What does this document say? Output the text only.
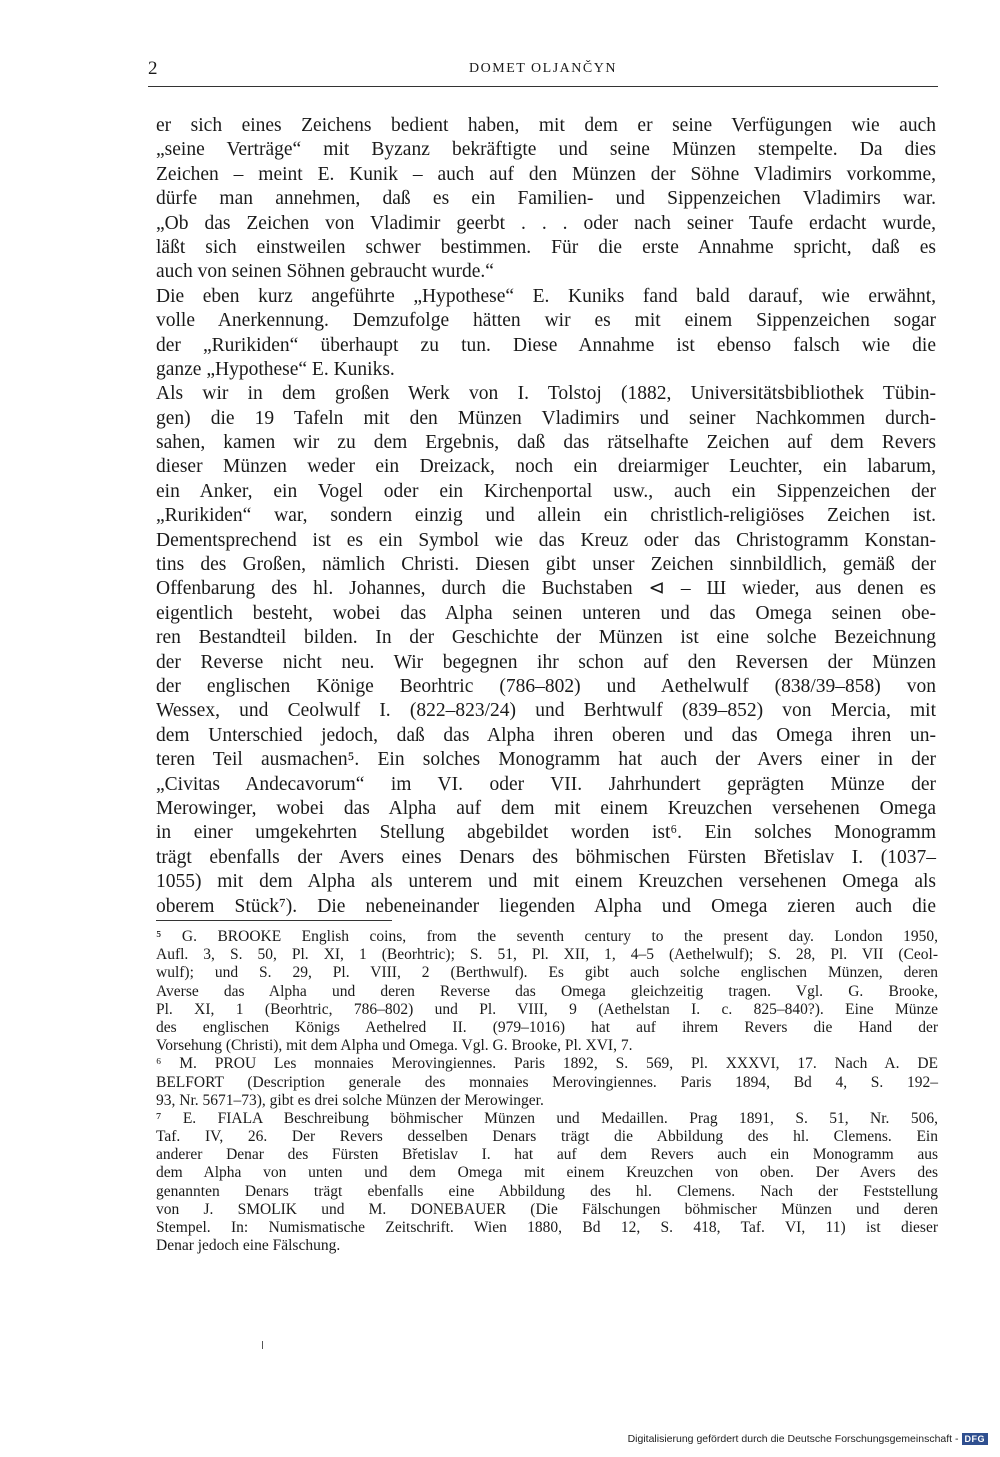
2	DOMET OLJANČYN
er sich eines Zeichens bedient haben, mit dem er seine Verfügungen wie auch
„seine Verträge“ mit Byzanz bekräftigte und seine Münzen stempelte. Da dies
Zeichen – meint E. Kunik – auch auf den Münzen der Söhne Vladimirs vorkomme,
dürfe man annehmen, daß es ein Familien- und Sippenzeichen Vladimirs war.
„Ob das Zeichen von Vladimir geerbt . . . oder nach seiner Taufe erdacht wurde,
läßt sich einstweilen schwer bestimmen. Für die erste Annahme spricht, daß es
auch von seinen Söhnen gebraucht wurde.“
Die eben kurz angeführte „Hypothese“ E. Kuniks fand bald darauf, wie erwähnt,
volle Anerkennung. Demzufolge hätten wir es mit einem Sippenzeichen sogar
der „Rurikiden“ überhaupt zu tun. Diese Annahme ist ebenso falsch wie die
ganze „Hypothese“ E. Kuniks.
Als wir in dem großen Werk von I. Tolstoj (1882, Universitätsbibliothek Tübin-
gen) die 19 Tafeln mit den Münzen Vladimirs und seiner Nachkommen durch-
sahen, kamen wir zu dem Ergebnis, daß das rätselhafte Zeichen auf dem Revers
dieser Münzen weder ein Dreizack, noch ein dreiarmiger Leuchter, ein labarum,
ein Anker, ein Vogel oder ein Kirchenportal usw., auch ein Sippenzeichen der
„Rurikiden“ war, sondern einzig und allein ein christlich-religiöses Zeichen ist.
Dementsprechend ist es ein Symbol wie das Kreuz oder das Christogramm Konstan-
tins des Großen, nämlich Christi. Diesen gibt unser Zeichen sinnbildlich, gemäß der
Offenbarung des hl. Johannes, durch die Buchstaben ⊲ – Ш wieder, aus denen es
eigentlich besteht, wobei das Alpha seinen unteren und das Omega seinen obe-
ren Bestandteil bilden. In der Geschichte der Münzen ist eine solche Bezeichnung
der Reverse nicht neu. Wir begegnen ihr schon auf den Reversen der Münzen
der englischen Könige Beorhtric (786–802) und Aethelwulf (838/39–858) von
Wessex, und Ceolwulf I. (822–823/24) und Berhtwulf (839–852) von Mercia, mit
dem Unterschied jedoch, daß das Alpha ihren oberen und das Omega ihren un-
teren Teil ausmachen⁵. Ein solches Monogramm hat auch der Avers einer in der
„Civitas Andecavorum“ im VI. oder VII. Jahrhundert geprägten Münze der
Merowinger, wobei das Alpha auf dem mit einem Kreuzchen versehenen Omega
in einer umgekehrten Stellung abgebildet worden ist⁶. Ein solches Monogramm
trägt ebenfalls der Avers eines Denars des böhmischen Fürsten Břetislav I. (1037–
1055) mit dem Alpha als unterem und mit einem Kreuzchen versehenen Omega als
oberem Stück⁷). Die nebeneinander liegenden Alpha und Omega zieren auch die
⁵ G. BROOKE English coins, from the seventh century to the present day. London 1950,
Aufl. 3, S. 50, Pl. XI, 1 (Beorhtric); S. 51, Pl. XII, 1, 4–5 (Aethelwulf); S. 28, Pl. VII (Ceol-
wulf); und S. 29, Pl. VIII, 2 (Berthwulf). Es gibt auch solche englischen Münzen, deren
Averse das Alpha und deren Reverse das Omega gleichzeitig tragen. Vgl. G. Brooke,
Pl. XI, 1 (Beorhtric, 786–802) und Pl. VIII, 9 (Aethelstan I. c. 825–840?). Eine Münze
des englischen Königs Aethelred II. (979–1016) hat auf ihrem Revers die Hand der
Vorsehung (Christi), mit dem Alpha und Omega. Vgl. G. Brooke, Pl. XVI, 7.
⁶ M. PROU Les monnaies Merovingiennes. Paris 1892, S. 569, Pl. XXXVI, 17. Nach A. DE
BELFORT (Description generale des monnaies Merovingiennes. Paris 1894, Bd 4, S. 192–
93, Nr. 5671–73), gibt es drei solche Münzen der Merowinger.
⁷ E. FIALA Beschreibung böhmischer Münzen und Medaillen. Prag 1891, S. 51, Nr. 506,
Taf. IV, 26. Der Revers desselben Denars trägt die Abbildung des hl. Clemens. Ein
anderer Denar des Fürsten Břetislav I. hat auf dem Revers auch ein Monogramm aus
dem Alpha von unten und dem Omega mit einem Kreuzchen von oben. Der Avers des
genannten Denars trägt ebenfalls eine Abbildung des hl. Clemens. Nach der Feststellung
von J. SMOLIK und M. DONEBAUER (Die Fälschungen böhmischer Münzen und deren
Stempel. In: Numismatische Zeitschrift. Wien 1880, Bd 12, S. 418, Taf. VI, 11) ist dieser
Denar jedoch eine Fälschung.
Digitalisierung gefördert durch die Deutsche Forschungsgemeinschaft - DFG
